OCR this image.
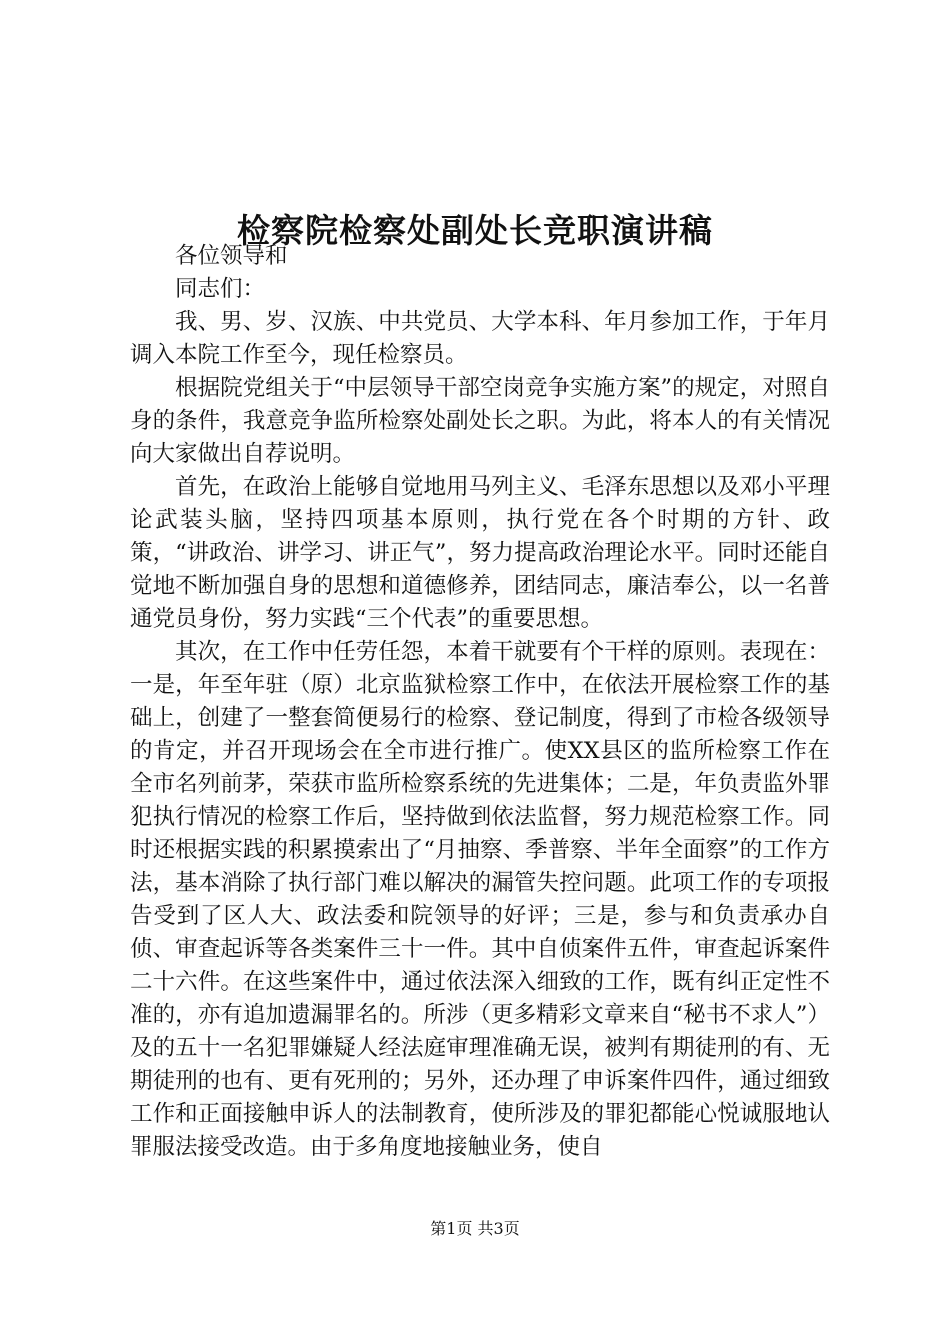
检察院检察处副处长竞职演讲稿

各位领导和

同志们：

我、男、岁、汉族、中共党员、大学本科、年月参加工作，于年月调入本院工作至今，现任检察员。

根据院党组关于“中层领导干部空岗竞争实施方案”的规定，对照自身的条件，我意竞争监所检察处副处长之职。为此，将本人的有关情况向大家做出自荐说明。

首先，在政治上能够自觉地用马列主义、毛泽东思想以及邓小平理论武装头脑，坚持四项基本原则，执行党在各个时期的方针、政策，“讲政治、讲学习、讲正气”，努力提高政治理论水平。同时还能自觉地不断加强自身的思想和道德修养，团结同志，廉洁奉公，以一名普通党员身份，努力实践“三个代表”的重要思想。

其次，在工作中任劳任怨，本着干就要有个干样的原则。表现在：一是，年至年驻（原）北京监狱检察工作中，在依法开展检察工作的基础上，创建了一整套简便易行的检察、登记制度，得到了市检各级领导的肯定，并召开现场会在全市进行推广。使XX县区的监所检察工作在全市名列前茅，荣获市监所检察系统的先进集体；二是，年负责监外罪犯执行情况的检察工作后，坚持做到依法监督，努力规范检察工作。同时还根据实践的积累摸索出了“月抽察、季普察、半年全面察”的工作方法，基本消除了执行部门难以解决的漏管失控问题。此项工作的专项报告受到了区人大、政法委和院领导的好评；三是，参与和负责承办自侦、审查起诉等各类案件三十一件。其中自侦案件五件，审查起诉案件二十六件。在这些案件中，通过依法深入细致的工作，既有纠正定性不准的，亦有追加遗漏罪名的。所涉（更多精彩文章来自“秘书不求人”）及的五十一名犯罪嫌疑人经法庭审理准确无误，被判有期徒刑的有、无期徒刑的也有、更有死刑的；另外，还办理了申诉案件四件，通过细致工作和正面接触申诉人的法制教育，使所涉及的罪犯都能心悦诚服地认罪服法接受改造。由于多角度地接触业务，使自

第1页 共3页
